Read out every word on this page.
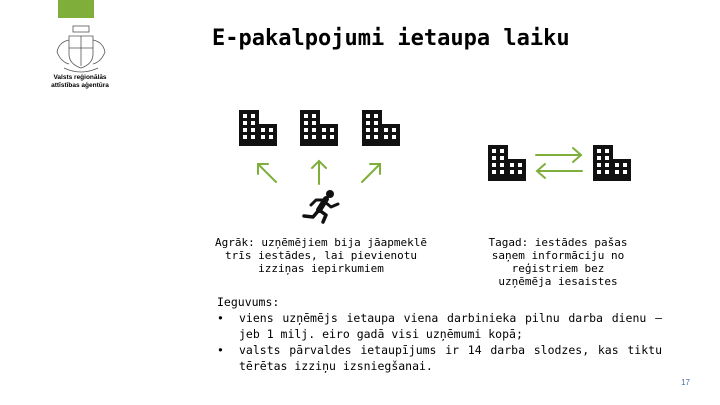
Valsts reģionālās
attīstības aģentūra
E-pakalpojumi ietaupa laiku
Agrāk: uzņēmējiem bija jāapmeklē trīs iestādes, lai pievienotu izziņas iepirkumiem
Tagad: iestādes pašas saņem informāciju no reģistriem bez uzņēmēja iesaistes
Ieguvums:
•	viens uzņēmējs ietaupa viena darbinieka pilnu darba dienu – jeb 1 milj. eiro gadā visi uzņēmumi kopā;
•	valsts pārvaldes ietaupījums ir 14 darba slodzes, kas tiktu tērētas izziņu izsniegšanai.
17
